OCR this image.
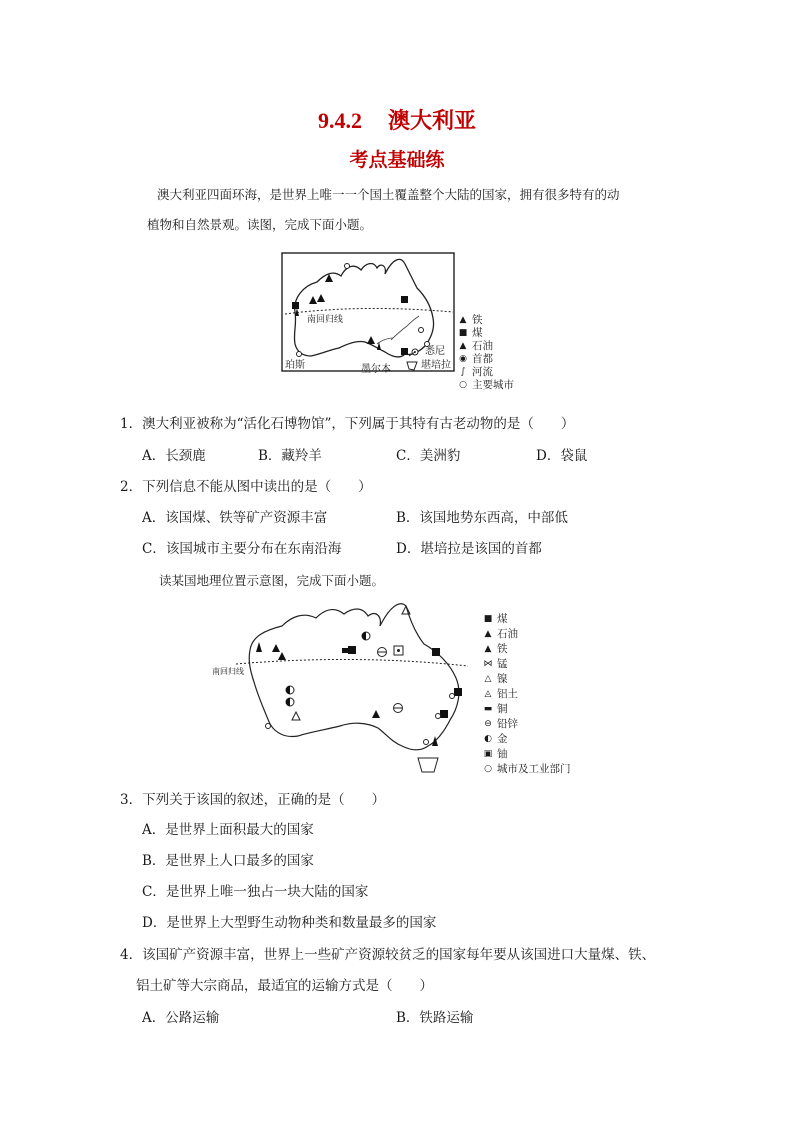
9.4.2 澳大利亚
考点基础练
澳大利亚四面环海，是世界上唯一一个国土覆盖整个大陆的国家，拥有很多特有的动
植物和自然景观。读图，完成下面小题。
南回归线
珀斯	墨尔本
悉尼
堪培拉
▲ 铁
■ 煤
▲ 石油
◉ 首都
∫ 河流
○ 主要城市
1．澳大利亚被称为“活化石博物馆”，下列属于其特有古老动物的是（　　）
A．长颈鹿	B．藏羚羊	C．美洲豹	D．袋鼠
2．下列信息不能从图中读出的是（　　）
A．该国煤、铁等矿产资源丰富	B．该国地势东西高，中部低
C．该国城市主要分布在东南沿海	D．堪培拉是该国的首都
读某国地理位置示意图，完成下面小题。
南回归线
■ 煤
▲ 石油
▲ 铁
⋈ 锰
△ 镍
◬ 铝土
▬ 铜
⊖ 铅锌
◐ 金
▣ 铀
○ 城市及工业部门
3．下列关于该国的叙述，正确的是（　　）
A．是世界上面积最大的国家
B．是世界上人口最多的国家
C．是世界上唯一独占一块大陆的国家
D．是世界上大型野生动物种类和数量最多的国家
4．该国矿产资源丰富，世界上一些矿产资源较贫乏的国家每年要从该国进口大量煤、铁、
铝土矿等大宗商品，最适宜的运输方式是（　　）
A．公路运输	B．铁路运输
